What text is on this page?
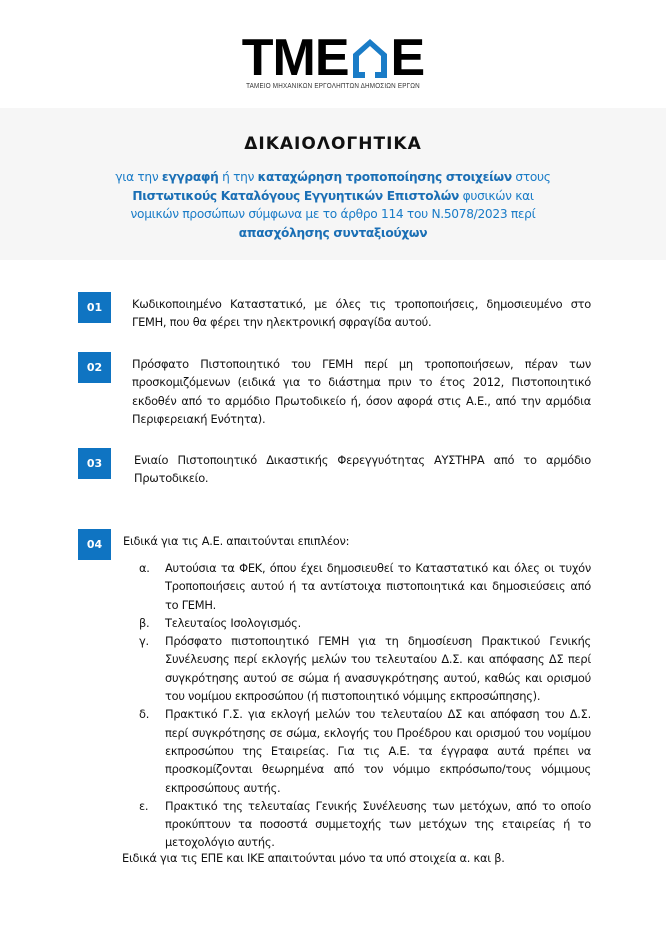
Τ Μ Ε Ε
ΤΑΜΕΙΟ ΜΗΧΑΝΙΚΩΝ ΕΡΓΟΛΗΠΤΩΝ ΔΗΜΟΣΙΩΝ ΕΡΓΩΝ
ΔΙΚΑΙΟΛΟΓΗΤΙΚΑ
για την εγγραφή ή την καταχώρηση τροποποίησης στοιχείων στους Πιστωτικούς Καταλόγους Εγγυητικών Επιστολών φυσικών και νομικών προσώπων σύμφωνα με το άρθρο 114 του Ν.5078/2023 περί απασχόλησης συνταξιούχων
01	Κωδικοποιημένο Καταστατικό, με όλες τις τροποποιήσεις, δημοσιευμένο στο ΓΕΜΗ, που θα φέρει την ηλεκτρονική σφραγίδα αυτού.
02	Πρόσφατο Πιστοποιητικό του ΓΕΜΗ περί μη τροποποιήσεων, πέραν των προσκομιζόμενων (ειδικά για το διάστημα πριν το έτος 2012, Πιστοποιητικό εκδοθέν από το αρμόδιο Πρωτοδικείο ή, όσον αφορά στις Α.Ε., από την αρμόδια Περιφερειακή Ενότητα).
03	Ενιαίο Πιστοποιητικό Δικαστικής Φερεγγυότητας ΑΥΣΤΗΡΑ από το αρμόδιο Πρωτοδικείο.
04	Ειδικά για τις Α.Ε. απαιτούνται επιπλέον:
α.	Αυτούσια τα ΦΕΚ, όπου έχει δημοσιευθεί το Καταστατικό και όλες οι τυχόν Τροποποιήσεις αυτού ή τα αντίστοιχα πιστοποιητικά και δημοσιεύσεις από το ΓΕΜΗ.
β.	Τελευταίος Ισολογισμός.
γ.	Πρόσφατο πιστοποιητικό ΓΕΜΗ για τη δημοσίευση Πρακτικού Γενικής Συνέλευσης περί εκλογής μελών του τελευταίου Δ.Σ. και απόφασης ΔΣ περί συγκρότησης αυτού σε σώμα ή ανασυγκρότησης αυτού, καθώς και ορισμού του νομίμου εκπροσώπου (ή πιστοποιητικό νόμιμης εκπροσώπησης).
δ.	Πρακτικό Γ.Σ. για εκλογή μελών του τελευταίου ΔΣ και απόφαση του Δ.Σ. περί συγκρότησης σε σώμα, εκλογής του Προέδρου και ορισμού του νομίμου εκπροσώπου της Εταιρείας. Για τις Α.Ε. τα έγγραφα αυτά πρέπει να προσκομίζονται θεωρημένα από τον νόμιμο εκπρόσωπο/τους νόμιμους εκπροσώπους αυτής.
ε.	Πρακτικό της τελευταίας Γενικής Συνέλευσης των μετόχων, από το οποίο προκύπτουν τα ποσοστά συμμετοχής των μετόχων της εταιρείας ή το μετοχολόγιο αυτής.
Ειδικά για τις ΕΠΕ και ΙΚΕ απαιτούνται μόνο τα υπό στοιχεία α. και β.
